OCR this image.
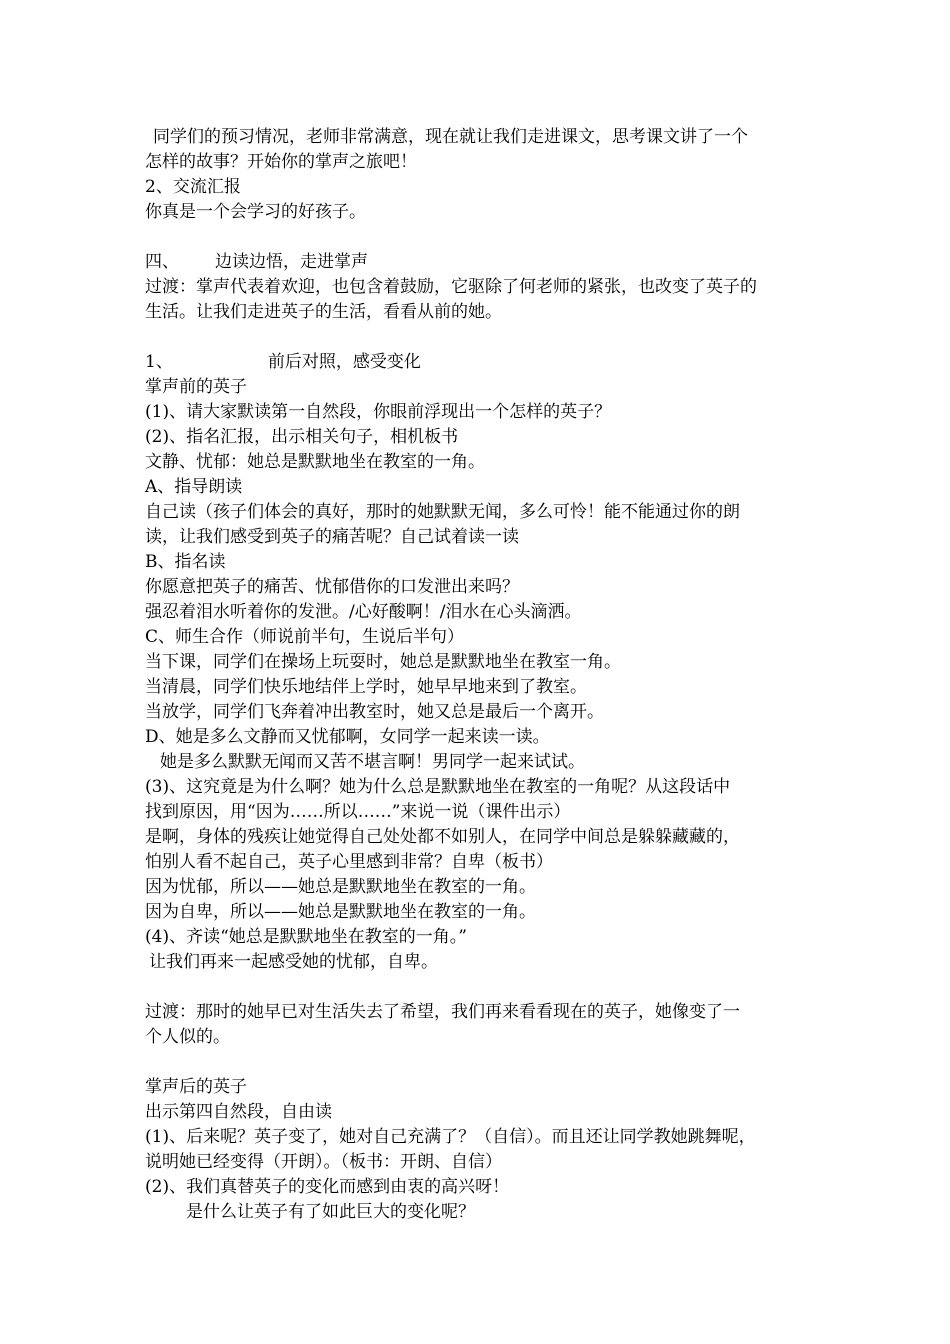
同学们的预习情况，老师非常满意，现在就让我们走进课文，思考课文讲了一个

怎样的故事？开始你的掌声之旅吧！

2、交流汇报

你真是一个会学习的好孩子。

四、 边读边悟，走进掌声

过渡：掌声代表着欢迎，也包含着鼓励，它驱除了何老师的紧张，也改变了英子的

生活。让我们走进英子的生活，看看从前的她。

1、	前后对照，感受变化

掌声前的英子

(1)、请大家默读第一自然段，你眼前浮现出一个怎样的英子？

(2)、指名汇报，出示相关句子，相机板书

文静、忧郁：她总是默默地坐在教室的一角。

A、指导朗读

自己读（孩子们体会的真好，那时的她默默无闻，多么可怜！能不能通过你的朗

读，让我们感受到英子的痛苦呢？自己试着读一读

B、指名读

你愿意把英子的痛苦、忧郁借你的口发泄出来吗？

强忍着泪水听着你的发泄。/心好酸啊！/泪水在心头滴洒。

C、师生合作（师说前半句，生说后半句）

当下课，同学们在操场上玩耍时，她总是默默地坐在教室一角。

当清晨，同学们快乐地结伴上学时，她早早地来到了教室。

当放学，同学们飞奔着冲出教室时，她又总是最后一个离开。

D、她是多么文静而又忧郁啊，女同学一起来读一读。

她是多么默默无闻而又苦不堪言啊！男同学一起来试试。

(3)、这究竟是为什么啊？她为什么总是默默地坐在教室的一角呢？从这段话中

找到原因，用“因为……所以……”来说一说（课件出示）

是啊，身体的残疾让她觉得自己处处都不如别人，在同学中间总是躲躲藏藏的，

怕别人看不起自己，英子心里感到非常？自卑（板书）

因为忧郁，所以——她总是默默地坐在教室的一角。

因为自卑，所以——她总是默默地坐在教室的一角。

(4)、齐读“她总是默默地坐在教室的一角。”

让我们再来一起感受她的忧郁，自卑。

过渡：那时的她早已对生活失去了希望，我们再来看看现在的英子，她像变了一

个人似的。

掌声后的英子

出示第四自然段，自由读

(1)、后来呢？英子变了，她对自己充满了？（自信）。而且还让同学教她跳舞呢，

说明她已经变得（开朗）。（板书：开朗、自信）

(2)、我们真替英子的变化而感到由衷的高兴呀！

是什么让英子有了如此巨大的变化呢？
